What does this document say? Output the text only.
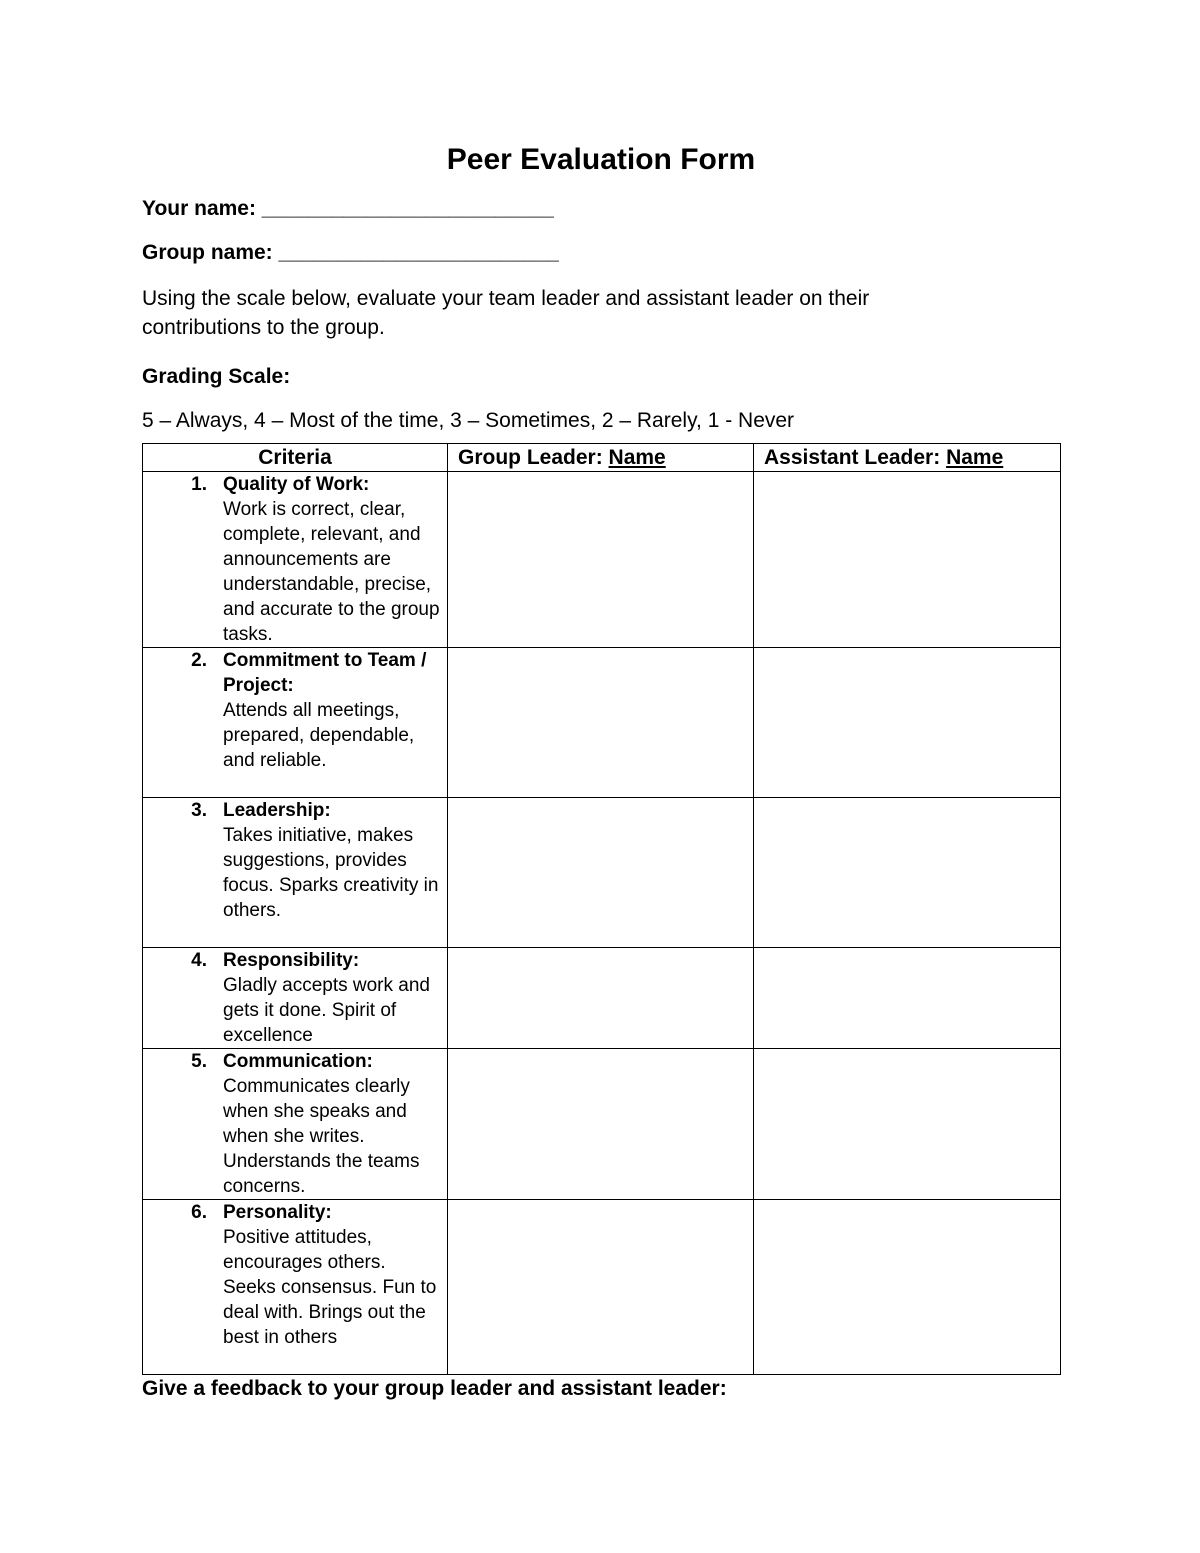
Peer Evaluation Form
Your name: _________________________
Group name: ________________________
Using the scale below, evaluate your team leader and assistant leader on their contributions to the group.
Grading Scale:
5 – Always, 4 – Most of the time, 3 – Sometimes, 2 – Rarely, 1 - Never
Criteria	Group Leader: Name	Assistant Leader: Name

1. Quality of Work:
Work is correct, clear, complete, relevant, and announcements are understandable, precise, and accurate to the group tasks.		

2. Commitment to Team / Project:
Attends all meetings, prepared, dependable, and reliable.		

3. Leadership:
Takes initiative, makes suggestions, provides focus. Sparks creativity in others.		

4. Responsibility:
Gladly accepts work and gets it done. Spirit of excellence		

5. Communication:
Communicates clearly when she speaks and when she writes. Understands the teams concerns.		

6. Personality:
Positive attitudes, encourages others. Seeks consensus. Fun to deal with. Brings out the best in others		

Give a feedback to your group leader and assistant leader:
